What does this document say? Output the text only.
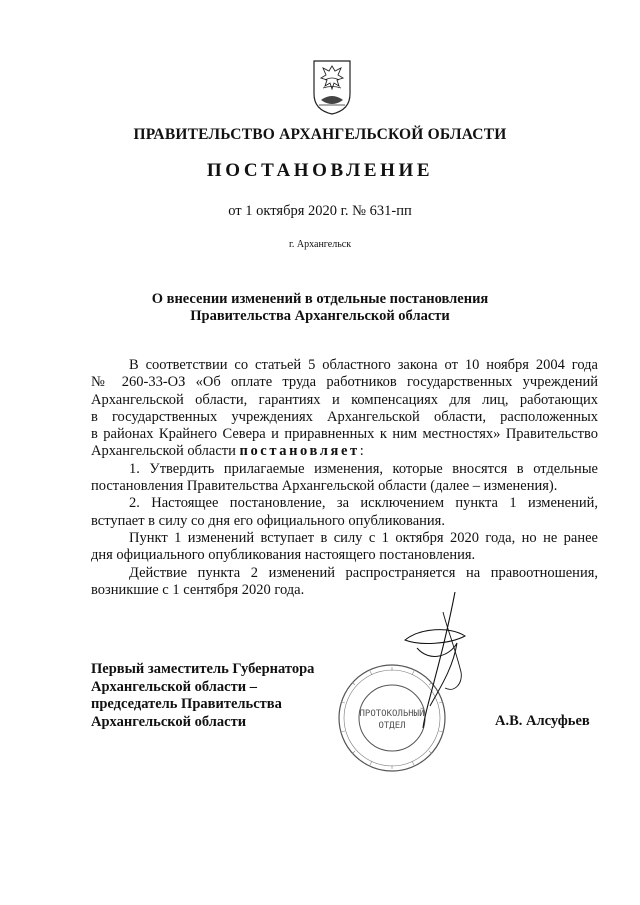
ПРАВИТЕЛЬСТВО АРХАНГЕЛЬСКОЙ ОБЛАСТИ
ПОСТАНОВЛЕНИЕ
от 1 октября 2020 г. № 631-пп
г. Архангельск
О внесении изменений в отдельные постановления
Правительства Архангельской области
В соответствии со статьей 5 областного закона от 10 ноября 2004 года
№ 260-33-ОЗ «Об оплате труда работников государственных учреждений
Архангельской области, гарантиях и компенсациях для лиц, работающих
в государственных учреждениях Архангельской области, расположенных
в районах Крайнего Севера и приравненных к ним местностях» Правительство
Архангельской области постановляет:
1. Утвердить прилагаемые изменения, которые вносятся в отдельные
постановления Правительства Архангельской области (далее – изменения).
2. Настоящее постановление, за исключением пункта 1 изменений,
вступает в силу со дня его официального опубликования.
Пункт 1 изменений вступает в силу с 1 октября 2020 года, но не ранее
дня официального опубликования настоящего постановления.
Действие пункта 2 изменений распространяется на правоотношения,
возникшие с 1 сентября 2020 года.
Первый заместитель Губернатора
Архангельской области –
председатель Правительства
Архангельской области	А.В. Алсуфьев
ПРОТОКОЛЬНЫЙ
ОТДЕЛ
